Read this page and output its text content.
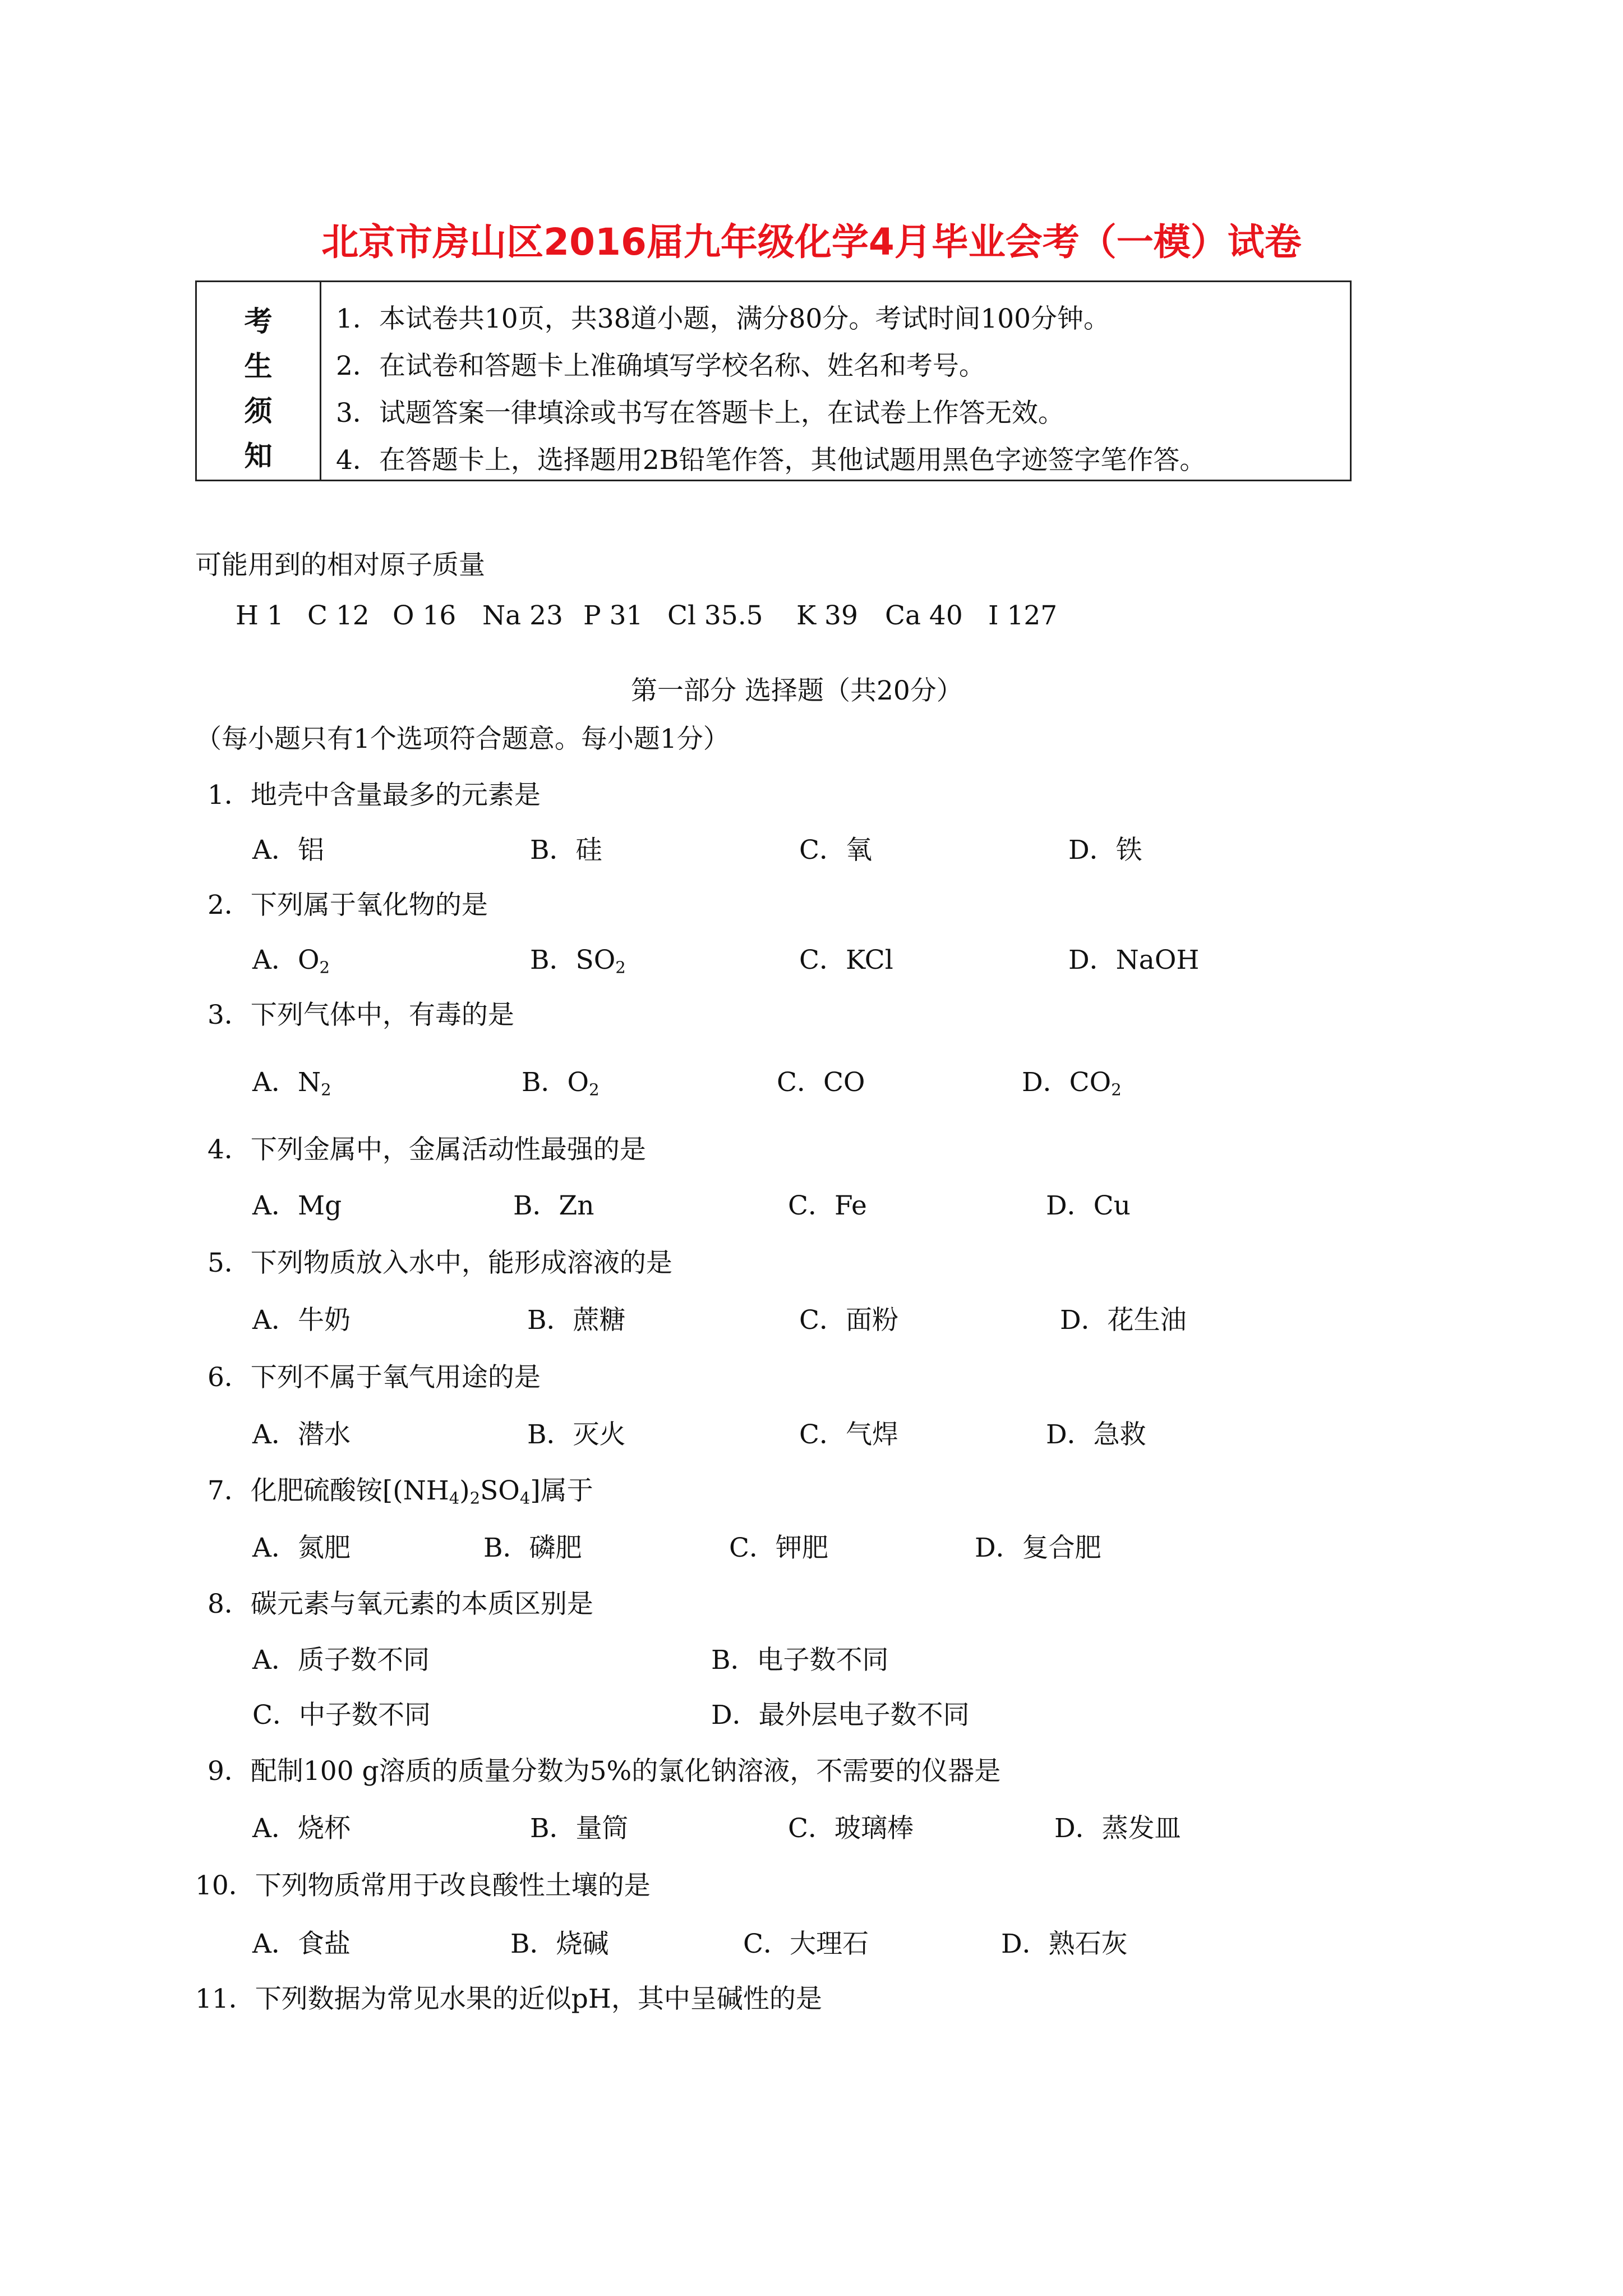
北京市房山区2016届九年级化学4月毕业会考（一模）试卷
考
生
须
知
1．本试卷共10页，共38道小题，满分80分。考试时间100分钟。
2．在试卷和答题卡上准确填写学校名称、姓名和考号。
3．试题答案一律填涂或书写在答题卡上，在试卷上作答无效。
4．在答题卡上，选择题用2B铅笔作答，其他试题用黑色字迹签字笔作答。
可能用到的相对原子质量
H 1 C 12 O 16 Na 23 P 31 Cl 35.5 K 39 Ca 40 I 127
第一部分 选择题（共20分）
（每小题只有1个选项符合题意。每小题1分）
1．地壳中含量最多的元素是
A．铝	B．硅	C．氧	D．铁
2．下列属于氧化物的是
A．$O_2$	B．$SO_2$	C．KCl	D．NaOH
3．下列气体中，有毒的是
A．$N_2$	B．$O_2$	C．CO	D．$CO_2$
4．下列金属中，金属活动性最强的是
A．Mg	B．Zn	C．Fe	D．Cu
5．下列物质放入水中，能形成溶液的是
A．牛奶	B．蔗糖	C．面粉	D．花生油
6．下列不属于氧气用途的是
A．潜水	B．灭火	C．气焊	D．急救
7．化肥硫酸铵$[(NH_4)_2SO_4]$属于
A．氮肥	B．磷肥	C．钾肥	D．复合肥
8．碳元素与氧元素的本质区别是
A．质子数不同	B．电子数不同
C．中子数不同	D．最外层电子数不同
9．配制100 g溶质的质量分数为5%的氯化钠溶液，不需要的仪器是
A．烧杯	B．量筒	C．玻璃棒	D．蒸发皿
10．下列物质常用于改良酸性土壤的是
A．食盐	B．烧碱	C．大理石	D．熟石灰
11．下列数据为常见水果的近似pH，其中呈碱性的是
